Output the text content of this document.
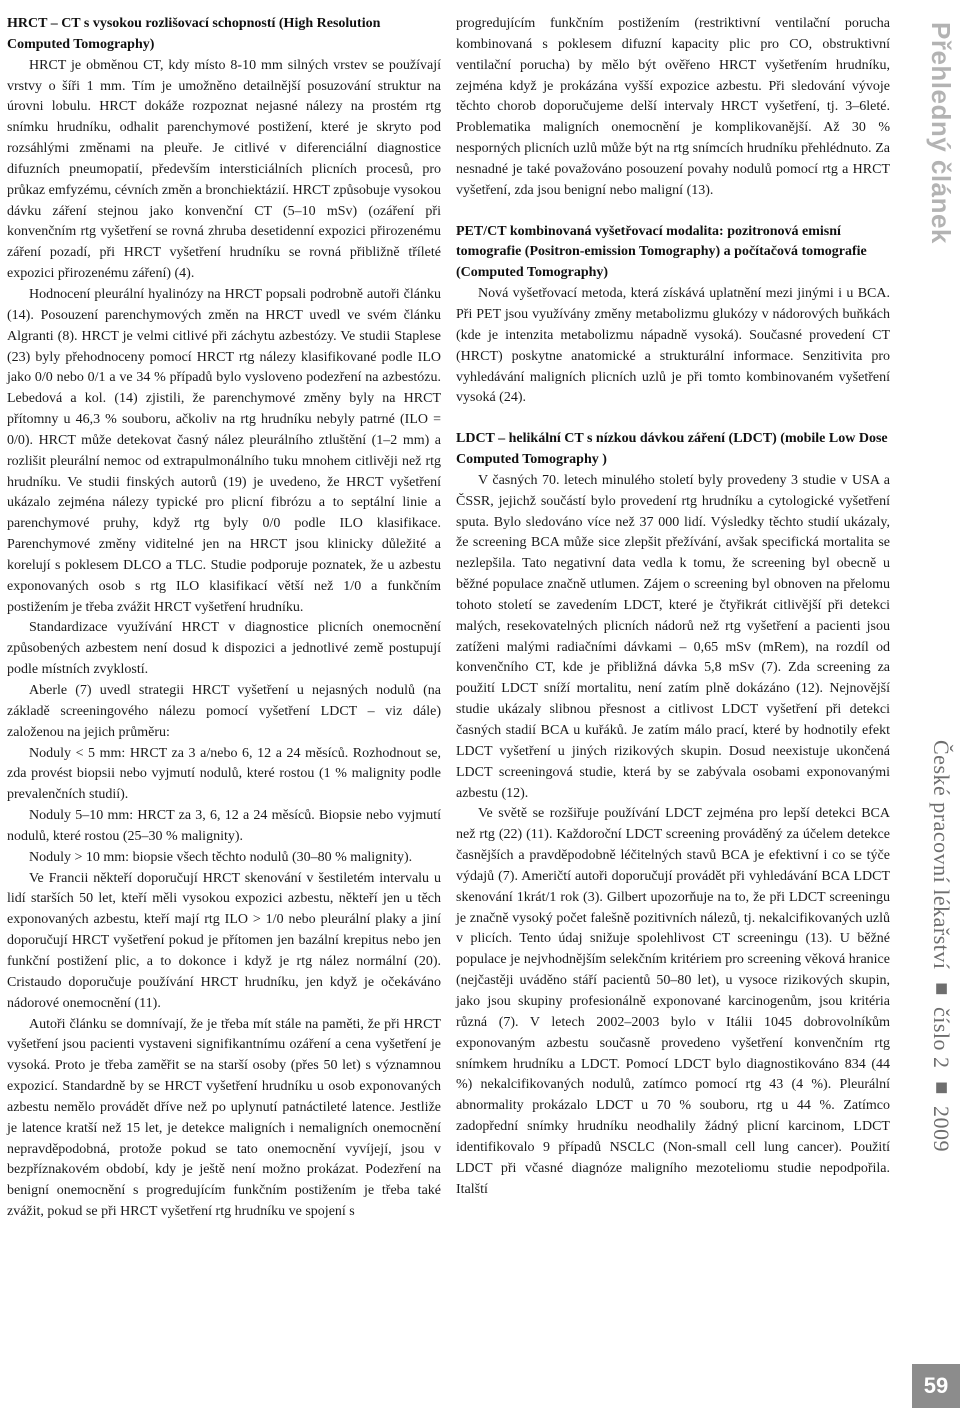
HRCT – CT s vysokou rozlišovací schopností (High Resolution Computed Tomography)

HRCT je obměnou CT, kdy místo 8-10 mm silných vrstev se používají vrstvy o šíři 1 mm. Tím je umožněno detailnější posuzování struktur na úrovni lobulu. HRCT dokáže rozpoznat nejasné nálezy na prostém rtg snímku hrudníku, odhalit parenchymové postižení, které je skryto pod rozsáhlými změnami na pleuře. Je citlivé v diferenciální diagnostice difuzních pneumopatií, především intersticiálních plicních procesů, pro průkaz emfyzému, cévních změn a bronchiektázií. HRCT způsobuje vysokou dávku záření stejnou jako konvenční CT (5–10 mSv) (ozáření při konvenčním rtg vyšetření se rovná zhruba desetidenní expozici přirozenému záření pozadí, při HRCT vyšetření hrudníku se rovná přibližně tříleté expozici přirozenému záření) (4).

Hodnocení pleurální hyalinózy na HRCT popsali podrobně autoři článku (14). Posouzení parenchymových změn na HRCT uvedl ve svém článku Algranti (8). HRCT je velmi citlivé při záchytu azbestózy. Ve studii Staplese (23) byly přehodnoceny pomocí HRCT rtg nálezy klasifikované podle ILO jako 0/0 nebo 0/1 a ve 34 % případů bylo vysloveno podezření na azbestózu. Lebedová a kol. (14) zjistili, že parenchymové změny byly na HRCT přítomny u 46,3 % souboru, ačkoliv na rtg hrudníku nebyly patrné (ILO = 0/0). HRCT může detekovat časný nález pleurálního ztluštění (1–2 mm) a rozlišit pleurální nemoc od extrapulmonálního tuku mnohem citlivěji než rtg hrudníku. Ve studii finských autorů (19) je uvedeno, že HRCT vyšetření ukázalo zejména nálezy typické pro plicní fibrózu a to septální linie a parenchymové pruhy, když rtg byly 0/0 podle ILO klasifikace. Parenchymové změny viditelné jen na HRCT jsou klinicky důležité a korelují s poklesem DLCO a TLC. Studie podporuje poznatek, že u azbestu exponovaných osob s rtg ILO klasifikací větší než 1/0 a funkčním postižením je třeba zvážit HRCT vyšetření hrudníku.

Standardizace využívání HRCT v diagnostice plicních onemocnění způsobených azbestem není dosud k dispozici a jednotlivé země postupují podle místních zvyklostí.

Aberle (7) uvedl strategii HRCT vyšetření u nejasných nodulů (na základě screeningového nálezu pomocí vyšetření LDCT – viz dále) založenou na jejich průměru:

Noduly < 5 mm: HRCT za 3 a/nebo 6, 12 a 24 měsíců. Rozhodnout se, zda provést biopsii nebo vyjmutí nodulů, které rostou (1 % malignity podle prevalenčních studií).

Noduly 5–10 mm: HRCT za 3, 6, 12 a 24 měsíců. Biopsie nebo vyjmutí nodulů, které rostou (25–30 % malignity).

Noduly > 10 mm: biopsie všech těchto nodulů (30–80 % malignity).

Ve Francii někteří doporučují HRCT skenování v šestiletém intervalu u lidí starších 50 let, kteří měli vysokou expozici azbestu, někteří jen u těch exponovaných azbestu, kteří mají rtg ILO > 1/0 nebo pleurální plaky a jiní doporučují HRCT vyšetření pokud je přítomen jen bazální krepitus nebo jen funkční postižení plic, a to dokonce i když je rtg nález normální (20). Cristaudo doporučuje používání HRCT hrudníku, jen když je očekáváno nádorové onemocnění (11).

Autoři článku se domnívají, že je třeba mít stále na paměti, že při HRCT vyšetření jsou pacienti vystaveni signifikantnímu ozáření a cena vyšetření je vysoká. Proto je třeba zaměřit se na starší osoby (přes 50 let) s významnou expozicí. Standardně by se HRCT vyšetření hrudníku u osob exponovaných azbestu nemělo provádět dříve než po uplynutí patnáctileté latence. Jestliže je latence kratší než 15 let, je detekce maligních i nemaligních onemocnění nepravděpodobná, protože pokud se tato onemocnění vyvíjejí, jsou v bezpříznakovém období, kdy je ještě není možno prokázat. Podezření na benigní onemocnění s progredujícím funkčním postižením je třeba také zvážit, pokud se při HRCT vyšetření rtg hrudníku ve spojení s

progredujícím funkčním postižením (restriktivní ventilační porucha kombinovaná s poklesem difuzní kapacity plic pro CO, obstruktivní ventilační porucha) by mělo být ověřeno HRCT vyšetřením hrudníku, zejména když je prokázána vyšší expozice azbestu. Při sledování vývoje těchto chorob doporučujeme delší intervaly HRCT vyšetření, tj. 3–6leté. Problematika maligních onemocnění je komplikovanější. Až 30 % nesporných plicních uzlů může být na rtg snímcích hrudníku přehlédnuto. Za nesnadné je také považováno posouzení povahy nodulů pomocí rtg a HRCT vyšetření, zda jsou benigní nebo maligní (13).

PET/CT kombinovaná vyšetřovací modalita: pozitronová emisní tomografie (Positron-emission Tomography) a počítačová tomografie (Computed Tomography)

Nová vyšetřovací metoda, která získává uplatnění mezi jinými i u BCA. Při PET jsou využívány změny metabolizmu glukózy v nádorových buňkách (kde je intenzita metabolizmu nápadně vysoká). Současné provedení CT (HRCT) poskytne anatomické a strukturální informace. Senzitivita pro vyhledávání maligních plicních uzlů je při tomto kombinovaném vyšetření vysoká (24).

LDCT – helikální CT s nízkou dávkou záření (LDCT) (mobile Low Dose Computed Tomography )

V časných 70. letech minulého století byly provedeny 3 studie v USA a ČSSR, jejichž součástí bylo provedení rtg hrudníku a cytologické vyšetření sputa. Bylo sledováno více než 37 000 lidí. Výsledky těchto studií ukázaly, že screening BCA může sice zlepšit přežívání, avšak specifická mortalita se nezlepšila. Tato negativní data vedla k tomu, že screening byl obecně u běžné populace značně utlumen. Zájem o screening byl obnoven na přelomu tohoto století se zavedením LDCT, které je čtyřikrát citlivější při detekci malých, resekovatelných plicních nádorů než rtg vyšetření a pacienti jsou zatíženi malými radiačními dávkami – 0,65 mSv (mRem), na rozdíl od konvenčního CT, kde je přibližná dávka 5,8 mSv (7). Zda screening za použití LDCT sníží mortalitu, není zatím plně dokázáno (12). Nejnovější studie ukázaly slibnou přesnost a citlivost LDCT vyšetření při detekci časných stadií BCA u kuřáků. Je zatím málo prací, které by hodnotily efekt LDCT vyšetření u jiných rizikových skupin. Dosud neexistuje ukončená LDCT screeningová studie, která by se zabývala osobami exponovanými azbestu (12).

Ve světě se rozšiřuje používání LDCT zejména pro lepší detekci BCA než rtg (22) (11). Každoroční LDCT screening prováděný za účelem detekce časnějších a pravděpodobně léčitelných stavů BCA je efektivní i co se týče výdajů (7). Američtí autoři doporučují provádět při vyhledávání BCA LDCT skenování 1krát/1 rok (3). Gilbert upozorňuje na to, že při LDCT screeningu je značně vysoký počet falešně pozitivních nálezů, tj. nekalcifikovaných uzlů v plicích. Tento údaj snižuje spolehlivost CT screeningu (13). U běžné populace je nejvhodnějším selekčním kritériem pro screening věková hranice (nejčastěji uváděno stáří pacientů 50–80 let), u vysoce rizikových skupin, jako jsou skupiny profesionálně exponované karcinogenům, jsou kritéria různá (7). V letech 2002–2003 bylo v Itálii 1045 dobrovolníkům exponovaným azbestu současně provedeno vyšetření konvenčním rtg snímkem hrudníku a LDCT. Pomocí LDCT bylo diagnostikováno 834 (44 %) nekalcifikovaných nodulů, zatímco pomocí rtg 43 (4 %). Pleurální abnormality prokázalo LDCT u 70 % souboru, rtg u 44 %. Zatímco zadopřední snímky hrudníku neodhalily žádný plicní karcinom, LDCT identifikovalo 9 případů NSCLC (Non-small cell lung cancer). Použití LDCT při včasné diagnóze maligního mezoteliomu studie nepodpořila. Italští

Přehledný článek
České pracovní lékařství ■ číslo 2 ■ 2009
59
